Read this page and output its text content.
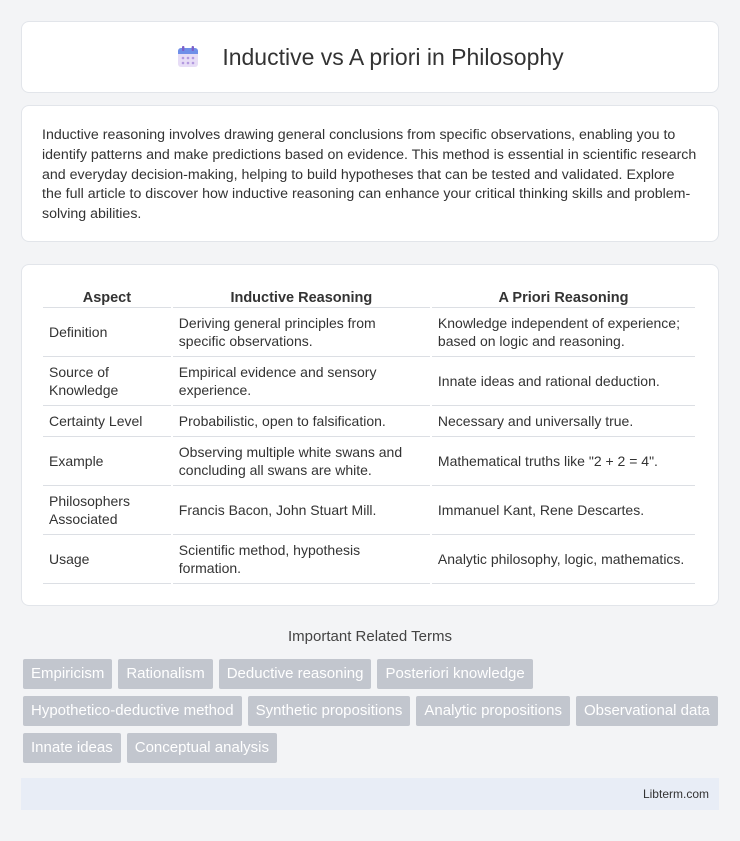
Inductive vs A priori in Philosophy

Inductive reasoning involves drawing general conclusions from specific observations, enabling you to identify patterns and make predictions based on evidence. This method is essential in scientific research and everyday decision-making, helping to build hypotheses that can be tested and validated. Explore the full article to discover how inductive reasoning can enhance your critical thinking skills and problem-solving abilities.

Aspect	Inductive Reasoning	A Priori Reasoning
Definition	Deriving general principles from specific observations.	Knowledge independent of experience; based on logic and reasoning.
Source of Knowledge	Empirical evidence and sensory experience.	Innate ideas and rational deduction.
Certainty Level	Probabilistic, open to falsification.	Necessary and universally true.
Example	Observing multiple white swans and concluding all swans are white.	Mathematical truths like "2 + 2 = 4".
Philosophers Associated	Francis Bacon, John Stuart Mill.	Immanuel Kant, Rene Descartes.
Usage	Scientific method, hypothesis formation.	Analytic philosophy, logic, mathematics.
Important Related Terms
Empiricism	Rationalism	Deductive reasoning	Posteriori knowledge
Hypothetico-deductive method	Synthetic propositions	Analytic propositions	Observational data
Innate ideas	Conceptual analysis
Libterm.com
